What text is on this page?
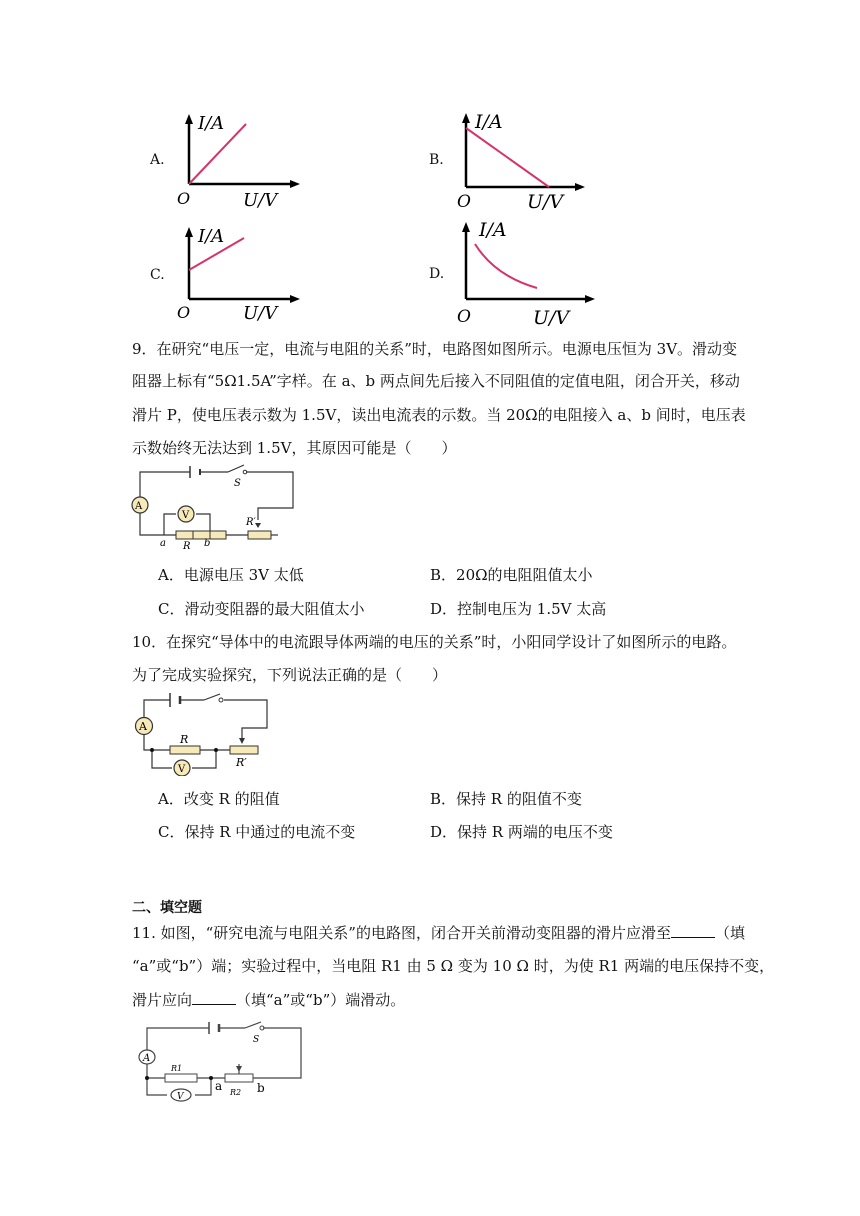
A.
I/A
O	U/V
B.
I/A
O	U/V
C.
I/A
O	U/V
D.
I/A
O	U/V
9．在研究“电压一定，电流与电阻的关系”时，电路图如图所示。电源电压恒为 3V。滑动变
阻器上标有“5Ω1.5A”字样。在 a、b 两点间先后接入不同阻值的定值电阻，闭合开关，移动
滑片 P，使电压表示数为 1.5V，读出电流表的示数。当 20Ω的电阻接入 a、b 间时，电压表
示数始终无法达到 1.5V，其原因可能是（　　）
S
A
V
R
a	b
R′
A．电源电压 3V 太低	B．20Ω的电阻阻值太小
C．滑动变阻器的最大阻值太小	D．控制电压为 1.5V 太高
10．在探究“导体中的电流跟导体两端的电压的关系”时，小阳同学设计了如图所示的电路。
为了完成实验探究，下列说法正确的是（　　）
A
R
V
R′
A．改变 R 的阻值	B．保持 R 的阻值不变
C．保持 R 中通过的电流不变	D．保持 R 两端的电压不变
二、填空题
11. 如图，“研究电流与电阻关系”的电路图，闭合开关前滑动变阻器的滑片应滑至	（填
“a”或“b”）端；实验过程中，当电阻 R1 由 5 Ω 变为 10 Ω 时，为使 R1 两端的电压保持不变，
滑片应向	（填“a”或“b”）端滑动。
S
A
R1
V	R2
a	b
